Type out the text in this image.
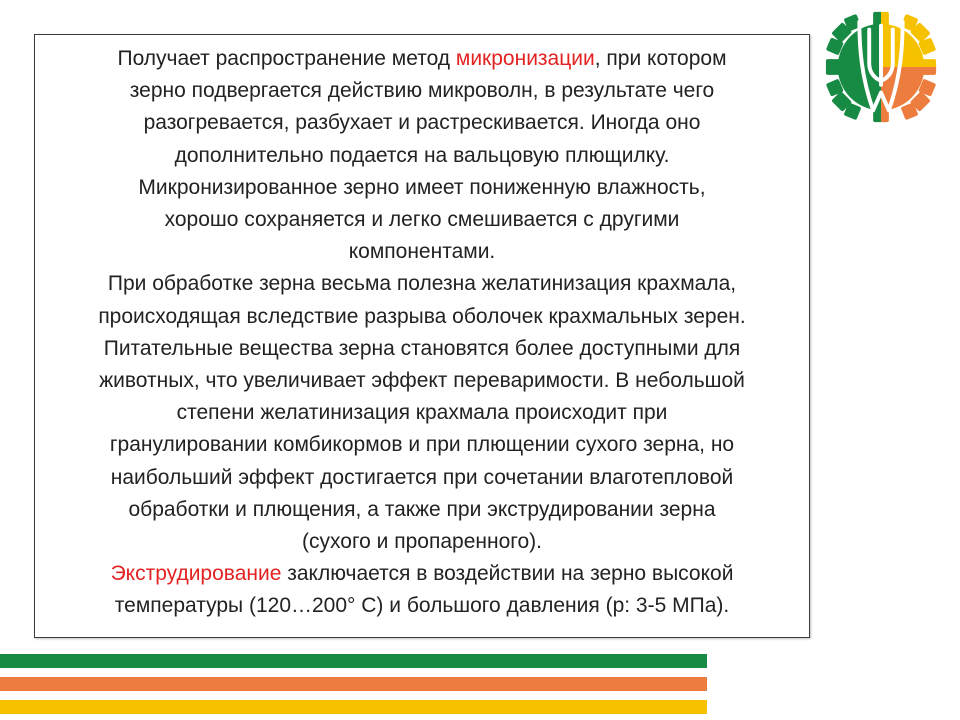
Получает распространение метод микронизации, при котором
зерно подвергается действию микроволн, в результате чего
разогревается, разбухает и растрескивается. Иногда оно
дополнительно подается на вальцовую плющилку.
Микронизированное зерно имеет пониженную влажность,
хорошо сохраняется и легко смешивается с другими
компонентами.
При обработке зерна весьма полезна желатинизация крахмала,
происходящая вследствие разрыва оболочек крахмальных зерен.
Питательные вещества зерна становятся более доступными для
животных, что увеличивает эффект переваримости. В небольшой
степени желатинизация крахмала происходит при
гранулировании комбикормов и при плющении сухого зерна, но
наибольший эффект достигается при сочетании влаготепловой
обработки и плющения, а также при экструдировании зерна
(сухого и пропаренного).
Экструдирование заключается в воздействии на зерно высокой
температуры (120…200° С) и большого давления (р: 3-5 МПа).
